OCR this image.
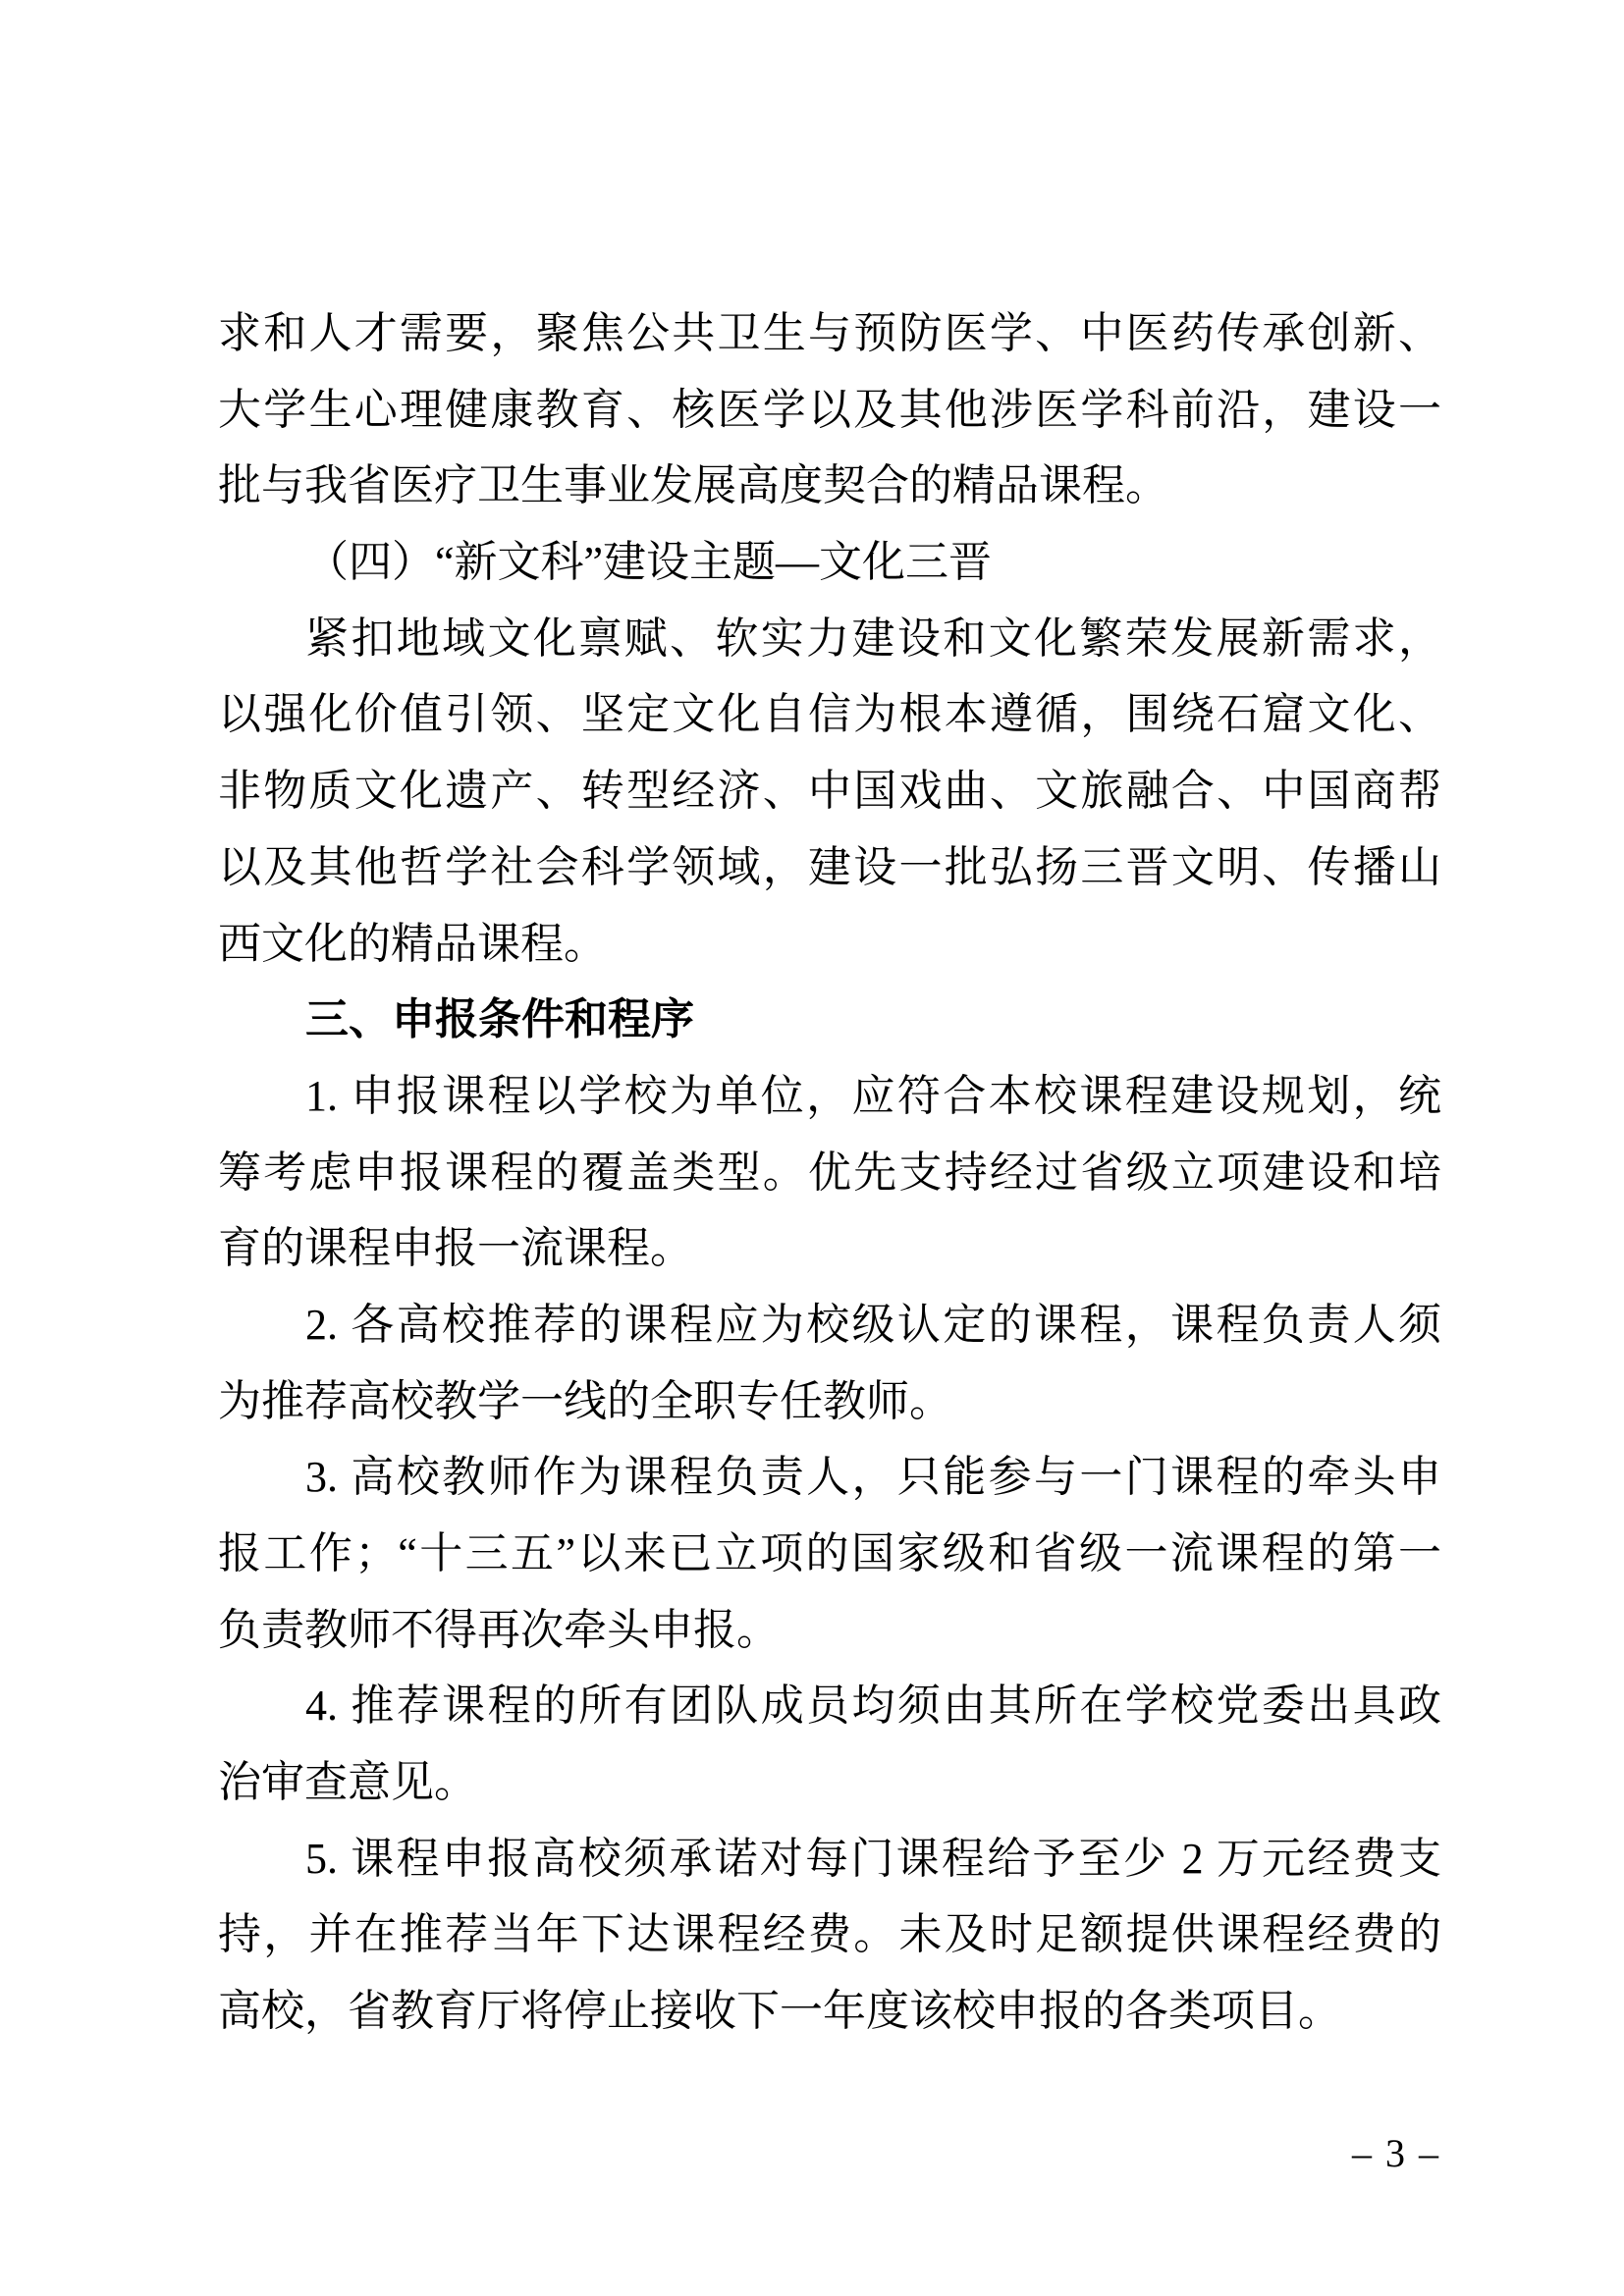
求和人才需要，聚焦公共卫生与预防医学、中医药传承创新、
大学生心理健康教育、核医学以及其他涉医学科前沿，建设一
批与我省医疗卫生事业发展高度契合的精品课程。
（四）“新文科”建设主题—文化三晋
紧扣地域文化禀赋、软实力建设和文化繁荣发展新需求，
以强化价值引领、坚定文化自信为根本遵循，围绕石窟文化、
非物质文化遗产、转型经济、中国戏曲、文旅融合、中国商帮
以及其他哲学社会科学领域，建设一批弘扬三晋文明、传播山
西文化的精品课程。
三、申报条件和程序
1. 申报课程以学校为单位，应符合本校课程建设规划，统
筹考虑申报课程的覆盖类型。优先支持经过省级立项建设和培
育的课程申报一流课程。
2. 各高校推荐的课程应为校级认定的课程，课程负责人须
为推荐高校教学一线的全职专任教师。
3. 高校教师作为课程负责人，只能参与一门课程的牵头申
报工作；“十三五”以来已立项的国家级和省级一流课程的第一
负责教师不得再次牵头申报。
4. 推荐课程的所有团队成员均须由其所在学校党委出具政
治审查意见。
5. 课程申报高校须承诺对每门课程给予至少 2 万元经费支
持，并在推荐当年下达课程经费。未及时足额提供课程经费的
高校，省教育厅将停止接收下一年度该校申报的各类项目。
– 3 –
